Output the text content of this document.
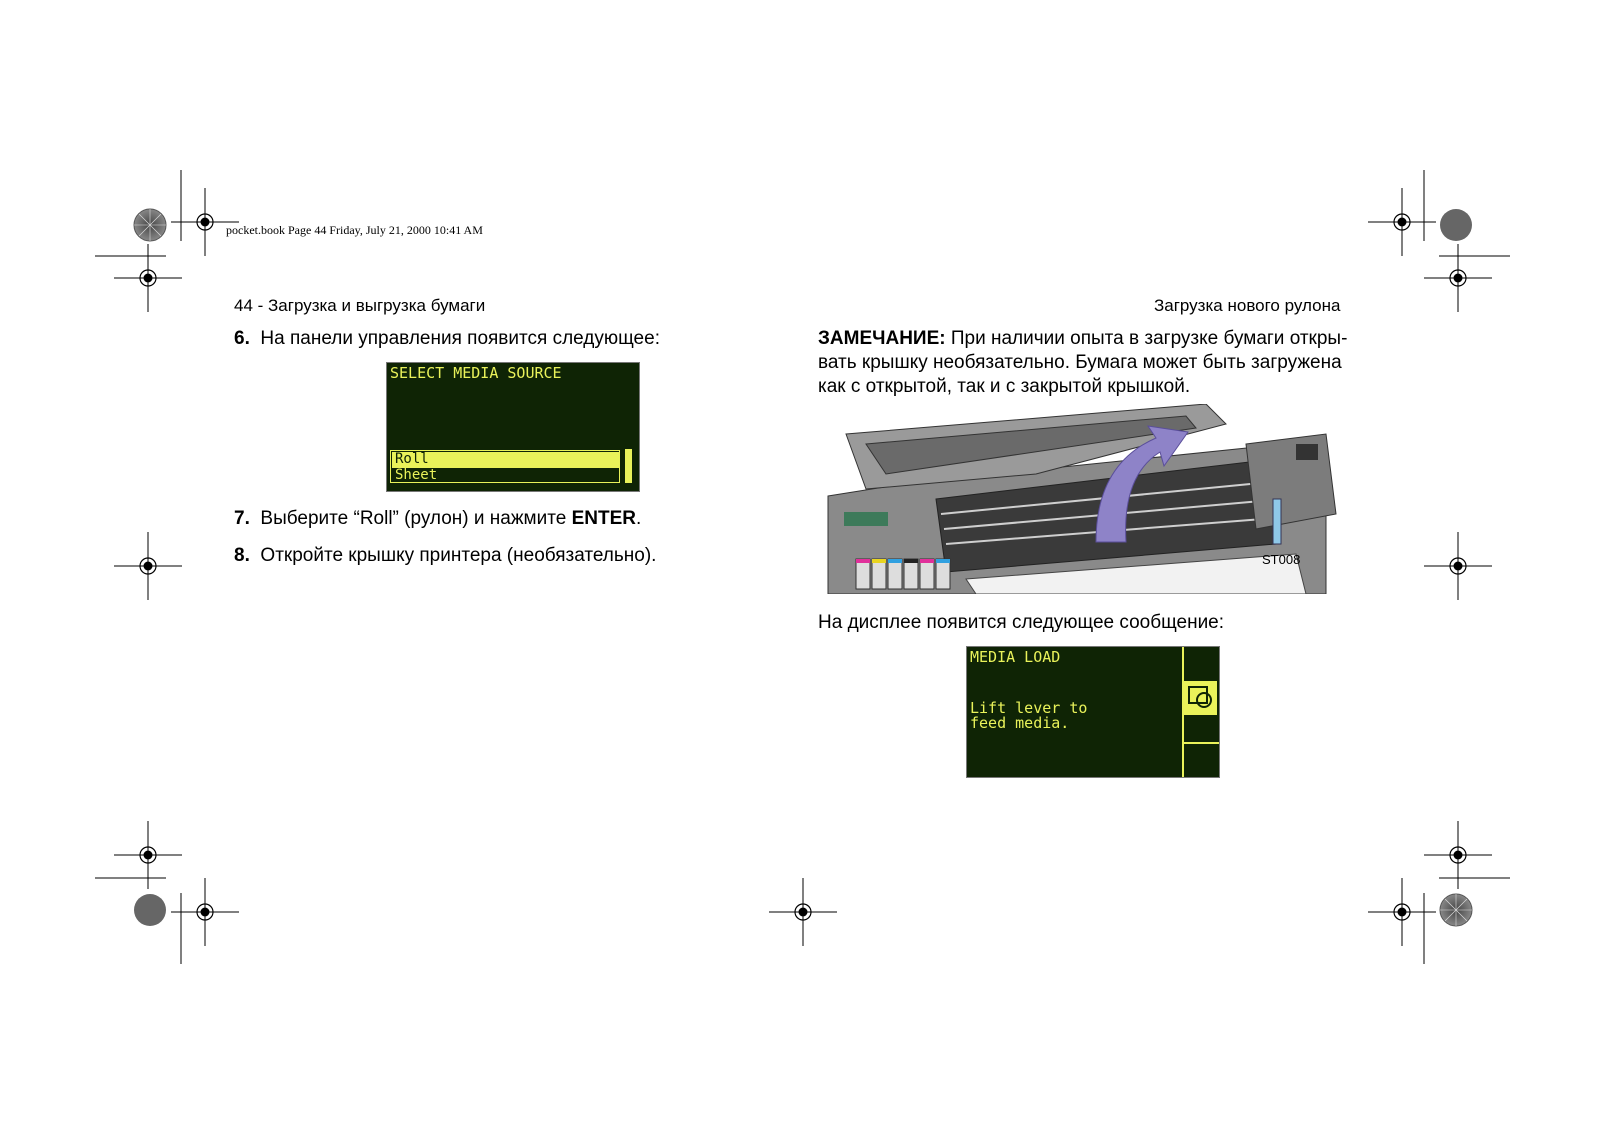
pocket.book Page 44 Friday, July 21, 2000 10:41 AM
44 - Загрузка и выгрузка бумаги	Загрузка нового рулона
6. На панели управления появится следующее:
SELECT MEDIA SOURCE
Roll
Sheet
7. Выберите “Roll” (рулон) и нажмите ENTER.
8. Откройте крышку принтера (необязательно).

ЗАМЕЧАНИЕ: При наличии опыта в загрузке бумаги откры-

вать крышку необязательно. Бумага может быть загружена

как с открытой, так и с закрытой крышкой.

ST008
На дисплее появится следующее сообщение:
MEDIA LOAD
Lift lever to
feed media.
